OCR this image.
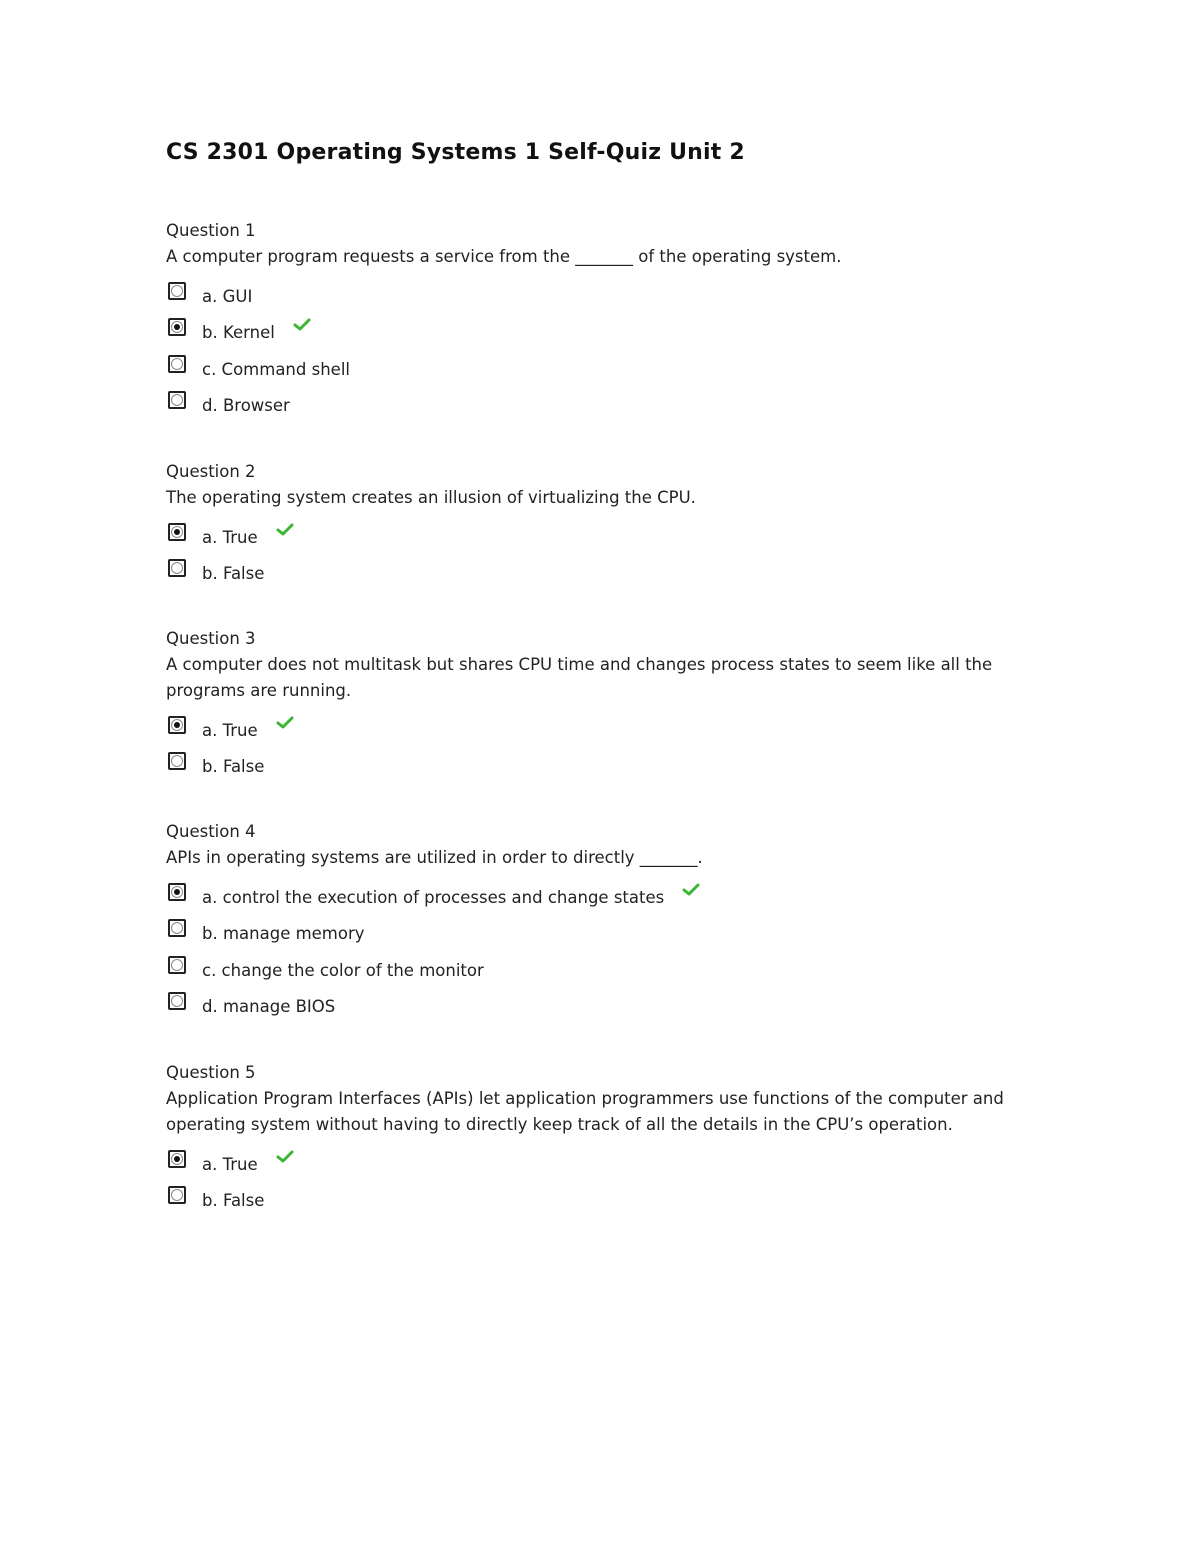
CS 2301 Operating Systems 1 Self-Quiz Unit 2
Question 1
A computer program requests a service from the _______ of the operating system.
a. GUI
b. Kernel
c. Command shell
d. Browser
Question 2
The operating system creates an illusion of virtualizing the CPU.
a. True
b. False
Question 3
A computer does not multitask but shares CPU time and changes process states to seem like all the programs are running.
a. True
b. False
Question 4
APIs in operating systems are utilized in order to directly _______.
a. control the execution of processes and change states
b. manage memory
c. change the color of the monitor
d. manage BIOS
Question 5
Application Program Interfaces (APIs) let application programmers use functions of the computer and operating system without having to directly keep track of all the details in the CPU’s operation.
a. True
b. False
